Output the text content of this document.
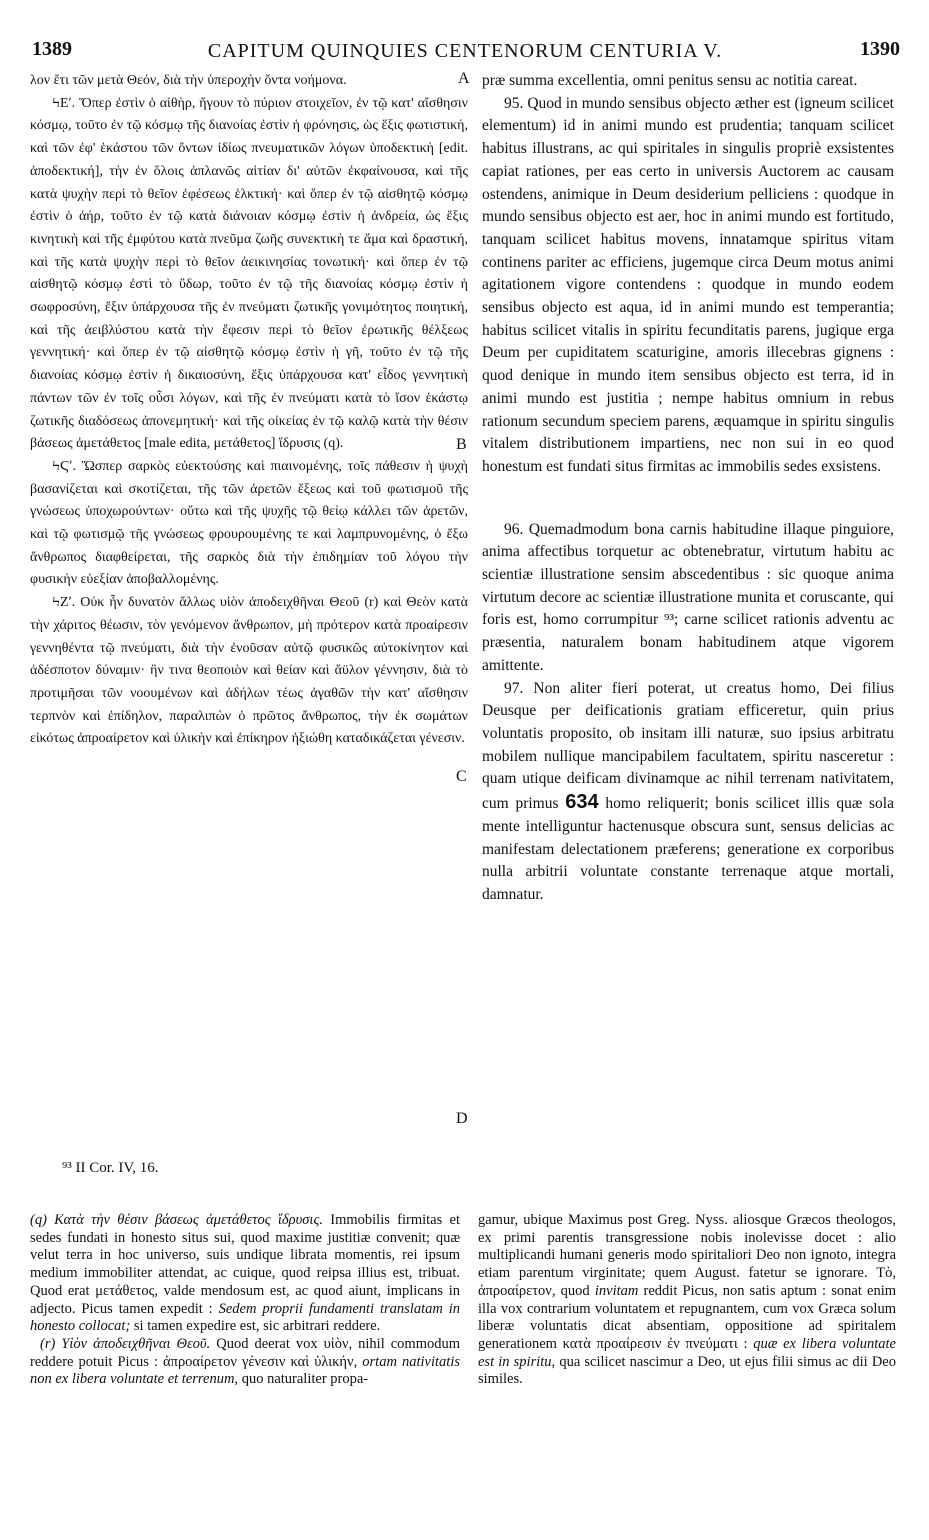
1389	CAPITUM QUINQUIES CENTENORUM CENTURIA V.	1390

λον ἔτι τῶν μετὰ Θεόν, διὰ τὴν ὑπεροχὴν ὄντα νοήμονα.

ϞΕʹ. Ὅπερ ἐστὶν ὁ αἰθὴρ, ἤγουν τὸ πύριον στοιχεῖον, ἐν τῷ κατ' αἴσθησιν κόσμῳ, τοῦτο ἐν τῷ κόσμῳ τῆς διανοίας ἐστὶν ἡ φρόνησις, ὡς ἕξις φωτιστική, καὶ τῶν ἐφ' ἑκάστου τῶν ὄντων ἰδίως πνευματικῶν λόγων ὑποδεκτικὴ [edit. ἀποδεκτική], τὴν ἐν ὅλοις ἀπλανῶς αἰτίαν δι' αὐτῶν ἐκφαίνουσα, καὶ τῆς κατὰ ψυχὴν περὶ τὸ θεῖον ἐφέσεως ἑλκτική· καὶ ὅπερ ἐν τῷ αἰσθητῷ κόσμῳ ἐστὶν ὁ ἀήρ, τοῦτο ἐν τῷ κατὰ διάνοιαν κόσμῳ ἐστὶν ἡ ἀνδρεία, ὡς ἕξις κινητικὴ καὶ τῆς ἐμφύτου κατὰ πνεῦμα ζωῆς συνεκτικὴ τε ἅμα καὶ δραστική, καὶ τῆς κατὰ ψυχὴν περὶ τὸ θεῖον ἀεικινησίας τονωτική· καὶ ὅπερ ἐν τῷ αἰσθητῷ κόσμῳ ἐστὶ τὸ ὕδωρ, τοῦτο ἐν τῷ τῆς διανοίας κόσμῳ ἐστὶν ἡ σωφροσύνη, ἕξιν ὑπάρχουσα τῆς ἐν πνεύματι ζωτικῆς γονιμότητος ποιητική, καὶ τῆς ἀειβλύστου κατὰ τὴν ἔφεσιν περὶ τὸ θεῖον ἐρωτικῆς θέλξεως γεννητική· καὶ ὅπερ ἐν τῷ αἰσθητῷ κόσμῳ ἐστὶν ἡ γῆ, τοῦτο ἐν τῷ τῆς διανοίας κόσμῳ ἐστὶν ἡ δικαιοσύνη, ἕξις ὑπάρχουσα κατ' εἶδος γεννητικὴ πάντων τῶν ἐν τοῖς οὖσι λόγων, καὶ τῆς ἐν πνεύματι κατὰ τὸ ἴσον ἑκάστῳ ζωτικῆς διαδόσεως ἀπονεμητική· καὶ τῆς οἰκείας ἐν τῷ καλῷ κατὰ τὴν θέσιν βάσεως ἀμετάθετος [male edita, μετάθετος] ἵδρυσις (q).

ϞϚʹ. Ὥσπερ σαρκὸς εὐεκτούσης καὶ πιαινομένης, τοῖς πάθεσιν ἡ ψυχὴ βασανίζεται καὶ σκοτίζεται, τῆς τῶν ἀρετῶν ἕξεως καὶ τοῦ φωτισμοῦ τῆς γνώσεως ὑποχωρούντων· οὕτω καὶ τῆς ψυχῆς τῷ θείῳ κάλλει τῶν ἀρετῶν, καὶ τῷ φωτισμῷ τῆς γνώσεως φρουρουμένης τε καὶ λαμπρυνομένης, ὁ ἔξω ἄνθρωπος διαφθείρεται, τῆς σαρκὸς διὰ τὴν ἐπιδημίαν τοῦ λόγου τὴν φυσικὴν εὐεξίαν ἀποβαλλομένης.

ϞΖʹ. Οὐκ ἦν δυνατὸν ἄλλως υἱὸν ἀποδειχθῆναι Θεοῦ (r) καὶ Θεὸν κατὰ τὴν χάριτος θέωσιν, τὸν γενόμενον ἄνθρωπον, μὴ πρότερον κατὰ προαίρεσιν γεννηθέντα τῷ πνεύματι, διὰ τὴν ἐνοῦσαν αὐτῷ φυσικῶς αὐτοκίνητον καὶ ἀδέσποτον δύναμιν· ἣν τινα θεοποιὸν καὶ θείαν καὶ ἄϋλον γέννησιν, διὰ τὸ προτιμῆσαι τῶν νοουμένων καὶ ἀδήλων τέως ἀγαθῶν τὴν κατ' αἴσθησιν τερπνὸν καὶ ἐπίδηλον, παραλιπὼν ὁ πρῶτος ἄνθρωπος, τὴν ἐκ σωμάτων εἰκότως ἀπροαίρετον καὶ ὑλικὴν καὶ ἐπίκηρον ἠξιώθη καταδικάζεται γένεσιν.

A
B
C
D

præ summa excellentia, omni penitus sensu ac notitia careat.

95. Quod in mundo sensibus objecto æther est (igneum scilicet elementum) id in animi mundo est prudentia; tanquam scilicet habitus illustrans, ac qui spiritales in singulis propriè exsistentes capiat rationes, per eas certo in universis Auctorem ac causam ostendens, animique in Deum desiderium pelliciens : quodque in mundo sensibus objecto est aer, hoc in animi mundo est fortitudo, tanquam scilicet habitus movens, innatamque spiritus vitam continens pariter ac efficiens, jugemque circa Deum motus animi agitationem vigore contendens : quodque in mundo eodem sensibus objecto est aqua, id in animi mundo est temperantia; habitus scilicet vitalis in spiritu fecunditatis parens, jugique erga Deum per cupiditatem scaturigine, amoris illecebras gignens : quod denique in mundo item sensibus objecto est terra, id in animi mundo est justitia ; nempe habitus omnium in rebus rationum secundum speciem parens, æquamque in spiritu singulis vitalem distributionem impartiens, nec non sui in eo quod honestum est fundati situs firmitas ac immobilis sedes exsistens.

96. Quemadmodum bona carnis habitudine illaque pinguiore, anima affectibus torquetur ac obtenebratur, virtutum habitu ac scientiæ illustratione sensim abscedentibus : sic quoque anima virtutum decore ac scientiæ illustratione munita et coruscante, qui foris est, homo corrumpitur ⁹³; carne scilicet rationis adventu ac præsentia, naturalem bonam habitudinem atque vigorem amittente.

97. Non aliter fieri poterat, ut creatus homo, Dei filius Deusque per deificationis gratiam efficeretur, quin prius voluntatis proposito, ob insitam illi naturæ, suo ipsius arbitratu mobilem nullique mancipabilem facultatem, spiritu nasceretur : quam utique deificam divinamque ac nihil terrenam nativitatem, cum primus 634 homo reliquerit; bonis scilicet illis quæ sola mente intelliguntur hactenusque obscura sunt, sensus delicias ac manifestam delectationem præferens; generatione ex corporibus nulla arbitrii voluntate constante terrenaque atque mortali, damnatur.

⁹³ II Cor. IV, 16.

(q) Κατὰ τὴν θέσιν βάσεως ἀμετάθετος ἵδρυσις. Immobilis firmitas et sedes fundati in honesto situs sui, quod maxime justitiæ convenit; quæ velut terra in hoc universo, suis undique librata momentis, rei ipsum medium immobiliter attendat, ac cuique, quod reipsa illius est, tribuat. Quod erat μετάθετος, valde mendosum est, ac quod aiunt, implicans in adjecto. Picus tamen expedit : Sedem proprii fundamenti translatam in honesto collocat; si tamen expedire est, sic arbitrari reddere.

(r) Υἱὸν ἀποδειχθῆναι Θεοῦ. Quod deerat vox υἱὸν, nihil commodum reddere potuit Picus : ἀπροαίρετον γένεσιν καὶ ὑλικήν, ortam nativitatis non ex libera voluntate et terrenum, quo naturaliter propa-

gamur, ubique Maximus post Greg. Nyss. aliosque Græcos theologos, ex primi parentis transgressione nobis inolevisse docet : alio multiplicandi humani generis modo spiritaliori Deo non ignoto, integra etiam parentum virginitate; quem August. fatetur se ignorare. Τὸ, ἀπροαίρετον, quod invitam reddit Picus, non satis aptum : sonat enim illa vox contrarium voluntatem et repugnantem, cum vox Græca solum liberæ voluntatis dicat absentiam, oppositione ad spiritalem generationem κατὰ προαίρεσιν ἐν πνεύματι : quæ ex libera voluntate est in spiritu, qua scilicet nascimur a Deo, ut ejus filii simus ac dii Deo similes.
